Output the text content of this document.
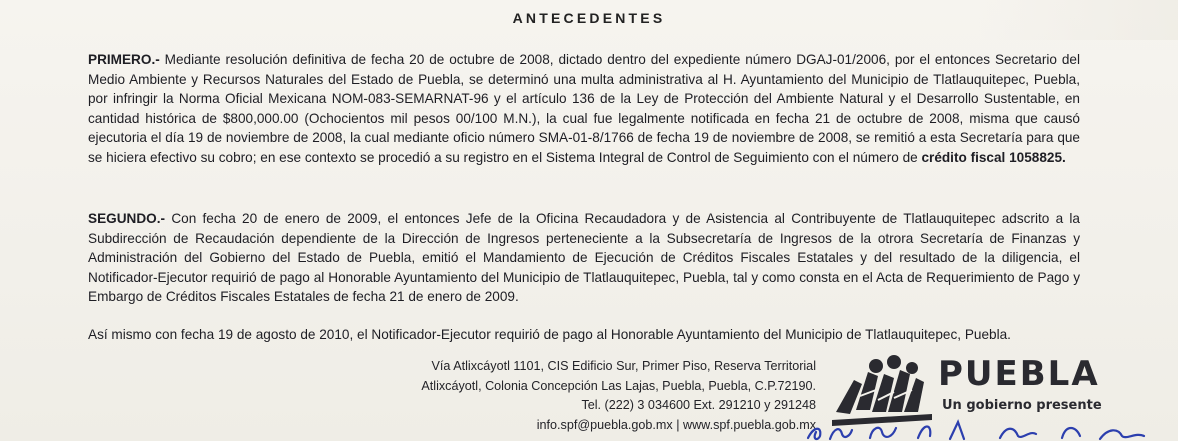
ANTECEDENTES
PRIMERO.- Mediante resolución definitiva de fecha 20 de octubre de 2008, dictado dentro del expediente número DGAJ-01/2006, por el entonces Secretario del Medio Ambiente y Recursos Naturales del Estado de Puebla, se determinó una multa administrativa al H. Ayuntamiento del Municipio de Tlatlauquitepec, Puebla, por infringir la Norma Oficial Mexicana NOM-083-SEMARNAT-96 y el artículo 136 de la Ley de Protección del Ambiente Natural y el Desarrollo Sustentable, en cantidad histórica de $800,000.00 (Ochocientos mil pesos 00/100 M.N.), la cual fue legalmente notificada en fecha 21 de octubre de 2008, misma que causó ejecutoria el día 19 de noviembre de 2008, la cual mediante oficio número SMA-01-8/1766 de fecha 19 de noviembre de 2008, se remitió a esta Secretaría para que se hiciera efectivo su cobro; en ese contexto se procedió a su registro en el Sistema Integral de Control de Seguimiento con el número de crédito fiscal 1058825.
SEGUNDO.- Con fecha 20 de enero de 2009, el entonces Jefe de la Oficina Recaudadora y de Asistencia al Contribuyente de Tlatlauquitepec adscrito a la Subdirección de Recaudación dependiente de la Dirección de Ingresos perteneciente a la Subsecretaría de Ingresos de la otrora Secretaría de Finanzas y Administración del Gobierno del Estado de Puebla, emitió el Mandamiento de Ejecución de Créditos Fiscales Estatales y del resultado de la diligencia, el Notificador-Ejecutor requirió de pago al Honorable Ayuntamiento del Municipio de Tlatlauquitepec, Puebla, tal y como consta en el Acta de Requerimiento de Pago y Embargo de Créditos Fiscales Estatales de fecha 21 de enero de 2009.
Así mismo con fecha 19 de agosto de 2010, el Notificador-Ejecutor requirió de pago al Honorable Ayuntamiento del Municipio de Tlatlauquitepec, Puebla.
Vía Atlixcáyotl 1101, CIS Edificio Sur, Primer Piso, Reserva Territorial
Atlixcáyotl, Colonia Concepción Las Lajas, Puebla, Puebla, C.P.72190.
Tel. (222) 3 034600 Ext. 291210 y 291248
info.spf@puebla.gob.mx | www.spf.puebla.gob.mx
PUEBLA
Un gobierno presente
